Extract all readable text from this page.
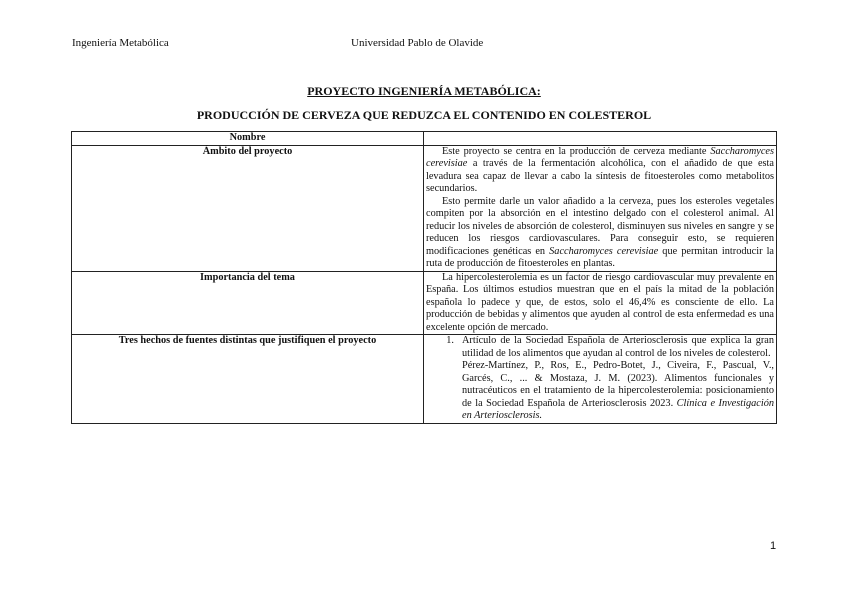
Ingeniería Metabólica	Universidad Pablo de Olavide
PROYECTO INGENIERÍA METABÓLICA:
PRODUCCIÓN DE CERVEZA QUE REDUZCA EL CONTENIDO EN COLESTEROL
Nombre	
Ámbito del proyecto	Este proyecto se centra en la producción de cerveza mediante Saccharomyces cerevisiae a través de la fermentación alcohólica, con el añadido de que esta levadura sea capaz de llevar a cabo la síntesis de fitoesteroles como metabolitos secundarios.

Esto permite darle un valor añadido a la cerveza, pues los esteroles vegetales compiten por la absorción en el intestino delgado con el colesterol animal. Al reducir los niveles de absorción de colesterol, disminuyen sus niveles en sangre y se reducen los riesgos cardiovasculares. Para conseguir esto, se requieren modificaciones genéticas en Saccharomyces cerevisiae que permitan introducir la ruta de producción de fitoesteroles en plantas.

Importancia del tema	La hipercolesterolemia es un factor de riesgo cardiovascular muy prevalente en España. Los últimos estudios muestran que en el país la mitad de la población española lo padece y que, de estos, solo el 46,4% es consciente de ello. La producción de bebidas y alimentos que ayuden al control de esta enfermedad es una excelente opción de mercado.

Tres hechos de fuentes distintas que justifiquen el proyecto	1. Artículo de la Sociedad Española de Arteriosclerosis que explica la gran utilidad de los alimentos que ayudan al control de los niveles de colesterol.

Pérez-Martínez, P., Ros, E., Pedro-Botet, J., Civeira, F., Pascual, V., Garcés, C., ... & Mostaza, J. M. (2023). Alimentos funcionales y nutracéuticos en el tratamiento de la hipercolesterolemia: posicionamiento de la Sociedad Española de Arteriosclerosis 2023. Clínica e Investigación en Arteriosclerosis.

1
